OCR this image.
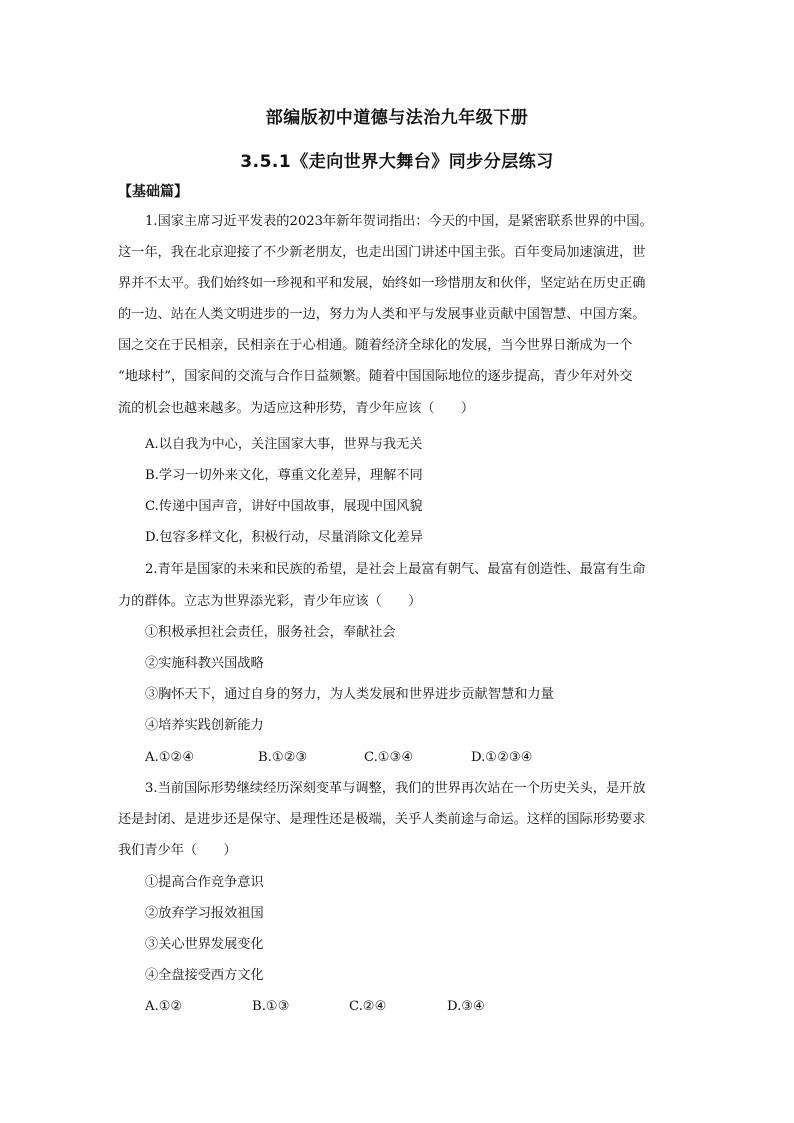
部编版初中道德与法治九年级下册
3.5.1《走向世界大舞台》同步分层练习
【基础篇】
1.国家主席习近平发表的2023年新年贺词指出：今天的中国，是紧密联系世界的中国。
这一年，我在北京迎接了不少新老朋友，也走出国门讲述中国主张。百年变局加速演进，世
界并不太平。我们始终如一珍视和平和发展，始终如一珍惜朋友和伙伴，坚定站在历史正确
的一边、站在人类文明进步的一边，努力为人类和平与发展事业贡献中国智慧、中国方案。
国之交在于民相亲，民相亲在于心相通。随着经济全球化的发展，当今世界日渐成为一个
“地球村”，国家间的交流与合作日益频繁。随着中国国际地位的逐步提高，青少年对外交
流的机会也越来越多。为适应这种形势，青少年应该（　　）
A.以自我为中心，关注国家大事，世界与我无关
B.学习一切外来文化，尊重文化差异，理解不同
C.传递中国声音，讲好中国故事，展现中国风貌
D.包容多样文化，积极行动，尽量消除文化差异
2.青年是国家的未来和民族的希望，是社会上最富有朝气、最富有创造性、最富有生命
力的群体。立志为世界添光彩，青少年应该（　　）
①积极承担社会责任，服务社会，奉献社会
②实施科教兴国战略
③胸怀天下，通过自身的努力，为人类发展和世界进步贡献智慧和力量
④培养实践创新能力
A.①②④	B.①②③	C.①③④	D.①②③④
3.当前国际形势继续经历深刻变革与调整，我们的世界再次站在一个历史关头，是开放
还是封闭、是进步还是保守、是理性还是极端，关乎人类前途与命运。这样的国际形势要求
我们青少年（　　）
①提高合作竞争意识
②放弃学习报效祖国
③关心世界发展变化
④全盘接受西方文化
A.①②	B.①③	C.②④	D.③④
